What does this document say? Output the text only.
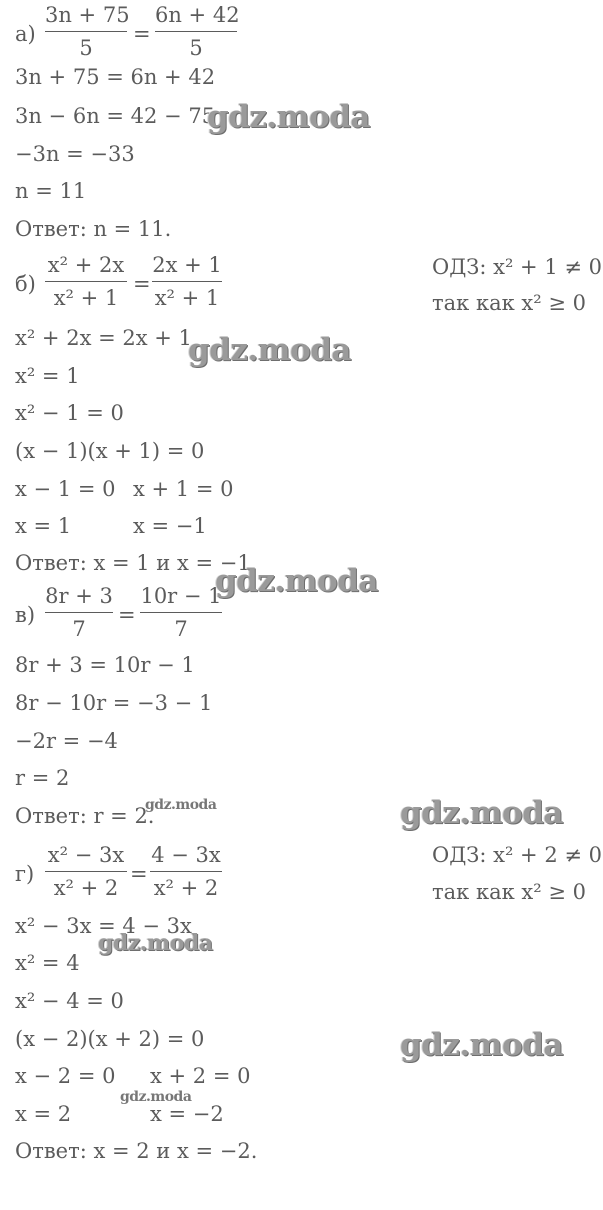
а)
3n + 75
5
=
6n + 42
5
3n + 75 = 6n + 42
3n − 6n = 42 − 75
−3n = −33
n = 11
Ответ: n = 11.
б)
x² + 2x
x² + 1
=
2x + 1
x² + 1
ОДЗ: x² + 1 ≠ 0
так как x² ≥ 0
x² + 2x = 2x + 1
x² = 1
x² − 1 = 0
(x − 1)(x + 1) = 0
x − 1 = 0 x + 1 = 0
x = 1	x = −1
Ответ: x = 1 и x = −1
в)
8r + 3
7
=
10r − 1
7
8r + 3 = 10r − 1
8r − 10r = −3 − 1
−2r = −4
r = 2
Ответ: r = 2.
г)
x² − 3x
x² + 2
=
4 − 3x
x² + 2
ОДЗ: x² + 2 ≠ 0
так как x² ≥ 0
x² − 3x = 4 − 3x
x² = 4
x² − 4 = 0
(x − 2)(x + 2) = 0
x − 2 = 0 x + 2 = 0
x = 2	x = −2
Ответ: x = 2 и x = −2.
gdz.moda
gdz.moda
gdz.moda
gdz.moda	gdz.moda
gdz.moda
gdz.moda
gdz.moda
